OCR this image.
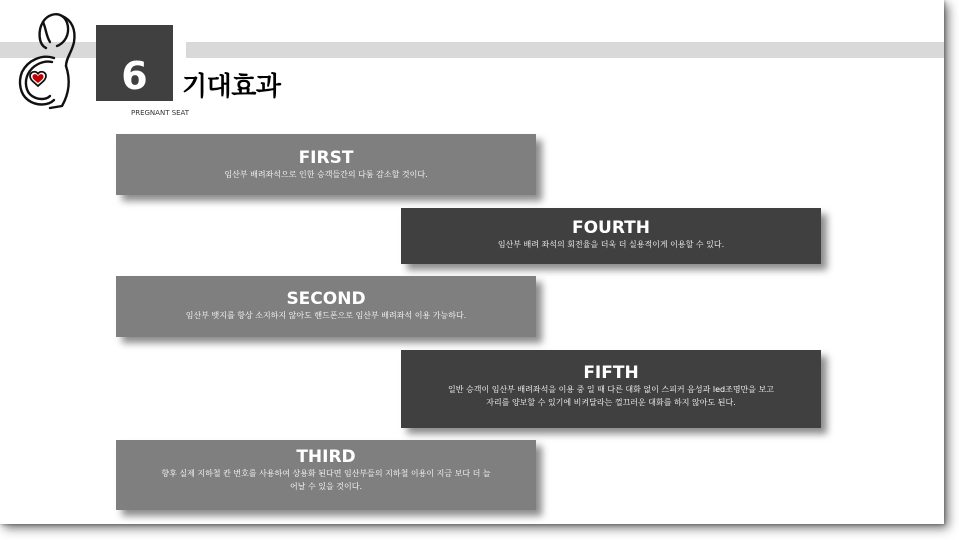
6 기대효과
PREGNANT SEAT
FIRST
임산부 배려좌석으로 인한 승객들간의 다툼 감소할 것이다.
FOURTH
임산부 배려 좌석의 회전율을 더욱 더 실용적이게 이용할 수 있다.
SECOND
임산부 뱃지를 항상 소지하지 않아도 핸드폰으로 임산부 배려좌석 이용 가능하다.
FIFTH
일반 승객이 임산부 배려좌석을 이용 중 일 때 다른 대화 없이 스피커 음성과 led조명만을 보고
자리를 양보할 수 있기에 비켜달라는 껄끄러운 대화를 하지 않아도 된다.
THIRD
향후 실제 지하철 칸 번호를 사용하여 상용화 된다면 임산부들의 지하철 이용이 지금 보다 더 늘
어날 수 있을 것이다.
